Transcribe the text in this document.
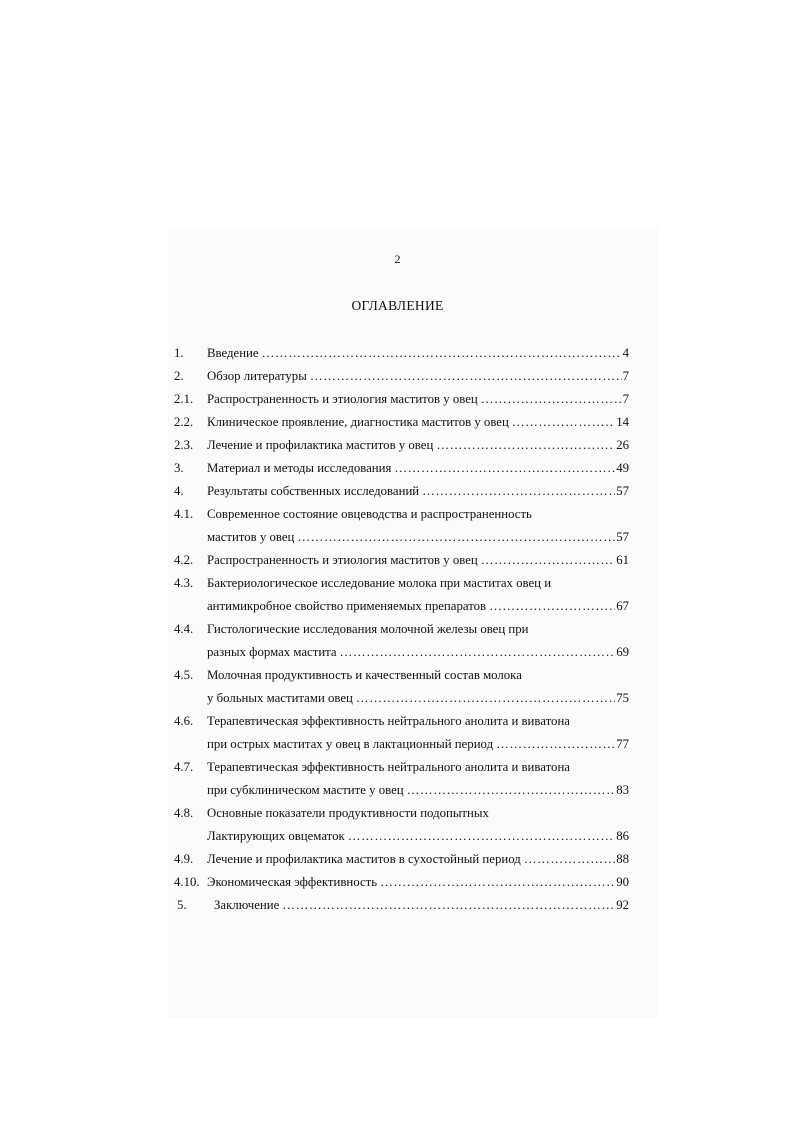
2
ОГЛАВЛЕНИЕ
1. Введение ……………………………………………………………………………………………………………………………………………	4
2. Обзор литературы ……………………………………………………………………………………………………………………………………………	7
2.1. Распространенность и этиология маститов у овец ……………………………………………………………………………………………………………………………………………	7
2.2. Клиническое проявление, диагностика маститов у овец ……………………………………………………………………………………………………………………………………………	14
2.3. Лечение и профилактика маститов у овец ……………………………………………………………………………………………………………………………………………	26
3. Материал и методы исследования ……………………………………………………………………………………………………………………………………………	49
4. Результаты собственных исследований ……………………………………………………………………………………………………………………………………………	57
4.1. Современное состояние овцеводства и распространенность
маститов у овец ……………………………………………………………………………………………………………………………………………	57
4.2. Распространенность и этиология маститов у овец ……………………………………………………………………………………………………………………………………………	61
4.3. Бактериологическое исследование молока при маститах овец и
антимикробное свойство применяемых препаратов ……………………………………………………………………………………………………………………………………………	67
4.4. Гистологические исследования молочной железы овец при
разных формах мастита ……………………………………………………………………………………………………………………………………………	69
4.5. Молочная продуктивность и качественный состав молока
у больных маститами овец ……………………………………………………………………………………………………………………………………………	75
4.6. Терапевтическая эффективность нейтрального анолита и виватона
при острых маститах у овец в лактационный период ……………………………………………………………………………………………………………………………………………	77
4.7. Терапевтическая эффективность нейтрального анолита и виватона
при субклиническом мастите у овец ……………………………………………………………………………………………………………………………………………	83
4.8. Основные показатели продуктивности подопытных
Лактирующих овцематок ……………………………………………………………………………………………………………………………………………	86
4.9. Лечение и профилактика маститов в сухостойный период ……………………………………………………………………………………………………………………………………………	88
4.10. Экономическая эффективность ……………………………………………………………………………………………………………………………………………	90
5. Заключение ……………………………………………………………………………………………………………………………………………	92
